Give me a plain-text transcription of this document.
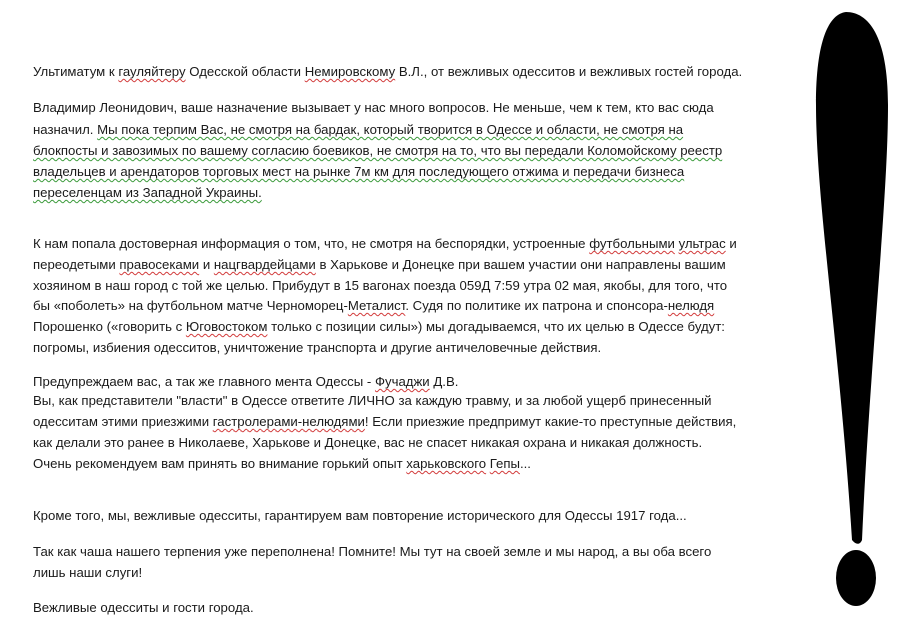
Ультиматум к гауляйтеру Одесской области Немировскому В.Л., от вежливых одесситов и вежливых гостей города.
Владимир Леонидович, ваше назначение вызывает у нас много вопросов. Не меньше, чем к тем, кто вас сюда
назначил. Мы пока терпим Вас, не смотря на бардак, который творится в Одессе и области, не смотря на
блокпосты и завозимых по вашему согласию боевиков, не смотря на то, что вы передали Коломойскому реестр
владельцев и арендаторов торговых мест на рынке 7м км для последующего отжима и передачи бизнеса
переселенцам из Западной Украины.
К нам попала достоверная информация о том, что, не смотря на беспорядки, устроенные футбольными ультрас и
переодетыми правосеками и нацгвардейцами в Харькове и Донецке при вашем участии они направлены вашим
хозяином в наш город с той же целью. Прибудут в 15 вагонах поезда 059Д 7:59 утра 02 мая, якобы, для того, что
бы «поболеть» на футбольном матче Черноморец-Металист. Судя по политике их патрона и спонсора-нелюдя
Порошенко («говорить с Юговостоком только с позиции силы») мы догадываемся, что их целью в Одессе будут:
погромы, избиения одесситов, уничтожение транспорта и другие античеловечные действия.
Предупреждаем вас, а так же главного мента Одессы - Фучаджи Д.В.
Вы, как представители "власти" в Одессе ответите ЛИЧНО за каждую травму, и за любой ущерб принесенный
одесситам этими приезжими гастролерами-нелюдями! Если приезжие предпримут какие-то преступные действия,
как делали это ранее в Николаеве, Харькове и Донецке, вас не спасет никакая охрана и никакая должность.
Очень рекомендуем вам принять во внимание горький опыт харьковского Гепы...
Кроме того, мы, вежливые одесситы, гарантируем вам повторение исторического для Одессы 1917 года...
Так как чаша нашего терпения уже переполнена! Помните! Мы тут на своей земле и мы народ, а вы оба всего
лишь наши слуги!
Вежливые одесситы и гости города.
